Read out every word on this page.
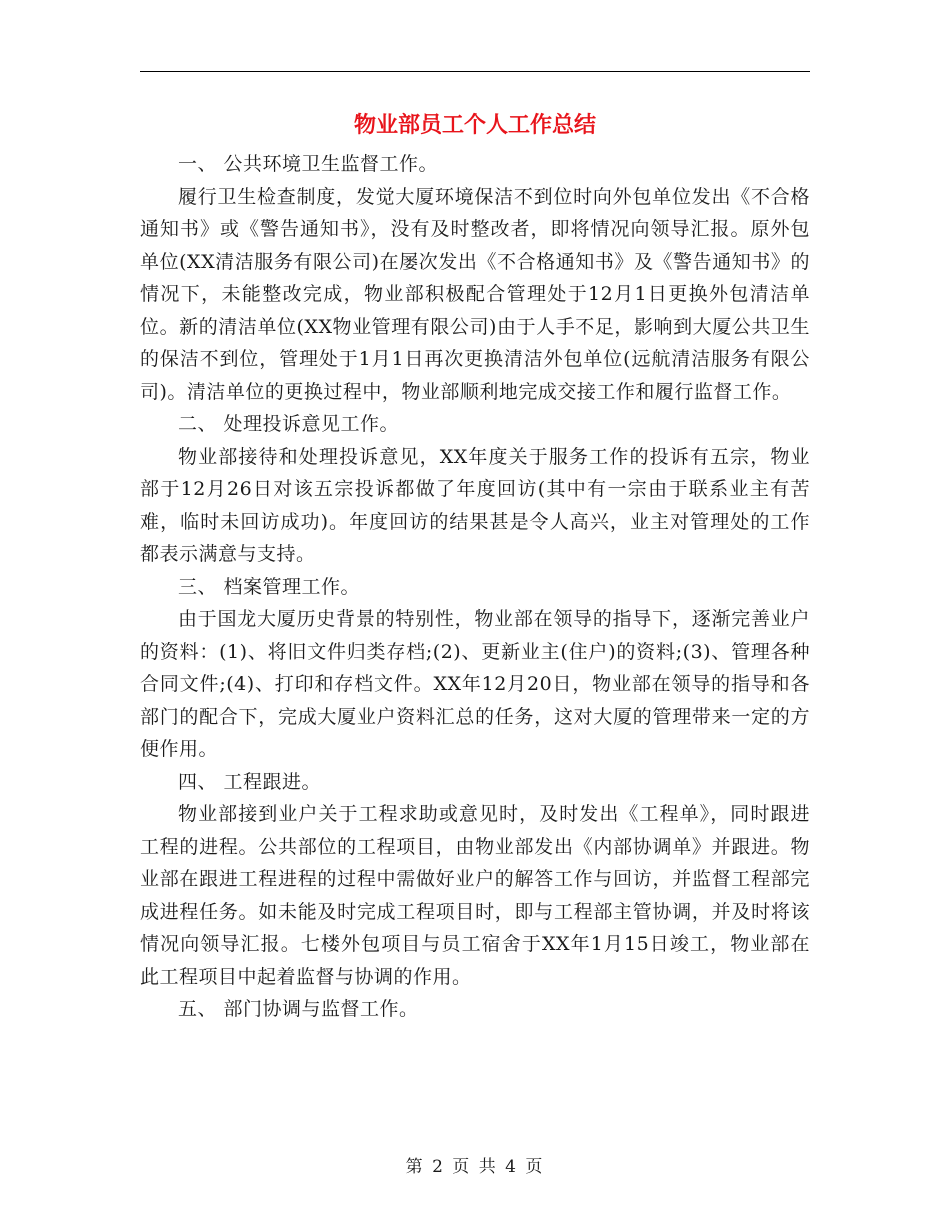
物业部员工个人工作总结

一、 公共环境卫生监督工作。

履行卫生检查制度，发觉大厦环境保洁不到位时向外包单位发出《不合格通知书》或《警告通知书》，没有及时整改者，即将情况向领导汇报。原外包单位(XX清洁服务有限公司)在屡次发出《不合格通知书》及《警告通知书》的情况下，未能整改完成，物业部积极配合管理处于12月1日更换外包清洁单位。新的清洁单位(XX物业管理有限公司)由于人手不足，影响到大厦公共卫生的保洁不到位，管理处于1月1日再次更换清洁外包单位(远航清洁服务有限公司)。清洁单位的更换过程中，物业部顺利地完成交接工作和履行监督工作。

二、 处理投诉意见工作。

物业部接待和处理投诉意见，XX年度关于服务工作的投诉有五宗，物业部于12月26日对该五宗投诉都做了年度回访(其中有一宗由于联系业主有苦难，临时未回访成功)。年度回访的结果甚是令人高兴，业主对管理处的工作都表示满意与支持。

三、 档案管理工作。

由于国龙大厦历史背景的特别性，物业部在领导的指导下，逐渐完善业户的资料：(1)、将旧文件归类存档;(2)、更新业主(住户)的资料;(3)、管理各种合同文件;(4)、打印和存档文件。XX年12月20日，物业部在领导的指导和各部门的配合下，完成大厦业户资料汇总的任务，这对大厦的管理带来一定的方便作用。

四、 工程跟进。

物业部接到业户关于工程求助或意见时，及时发出《工程单》，同时跟进工程的进程。公共部位的工程项目，由物业部发出《内部协调单》并跟进。物业部在跟进工程进程的过程中需做好业户的解答工作与回访，并监督工程部完成进程任务。如未能及时完成工程项目时，即与工程部主管协调，并及时将该情况向领导汇报。七楼外包项目与员工宿舍于XX年1月15日竣工，物业部在此工程项目中起着监督与协调的作用。

五、 部门协调与监督工作。

第 2 页 共 4 页
